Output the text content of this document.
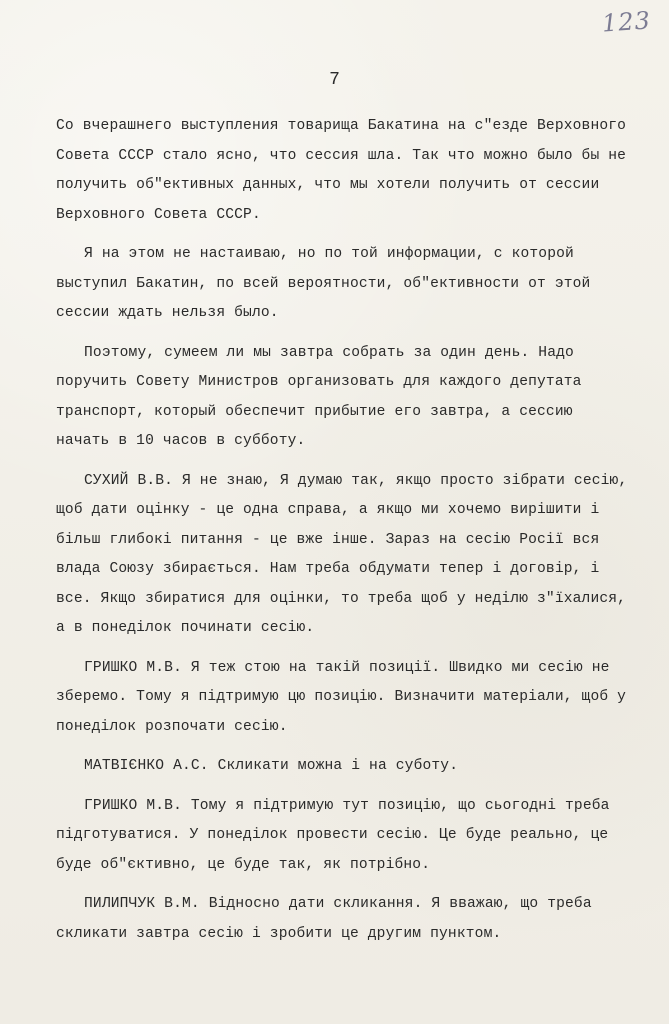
123
7

Со вчерашнего выступления товарища Бакатина на с"езде Верховного Совета СССР стало ясно, что сессия шла. Так что можно было бы не получить об"ективных данных, что мы хотели получить от сессии Верховного Совета СССР.

Я на этом не настаиваю, но по той информации, с которой выступил Бакатин, по всей вероятности, об"ективности от этой сессии ждать нельзя было.

Поэтому, сумеем ли мы завтра собрать за один день. Надо поручить Совету Министров организовать для каждого депутата транспорт, который обеспечит прибытие его завтра, а сессию начать в 10 часов в субботу.

СУХИЙ В.В. Я не знаю, Я думаю так, якщо просто зібрати сесію, щоб дати оцінку - це одна справа, а якщо ми хочемо вирішити і більш глибокі питання - це вже інше. Зараз на сесію Росії вся влада Союзу збирається. Нам треба обдумати тепер і договір, і все. Якщо збиратися для оцінки, то треба щоб у неділю з"їхалися, а в понеділок починати сесію.

ГРИШКО М.В. Я теж стою на такій позиції. Швидко ми сесію не зберемо. Тому я підтримую цю позицію. Визначити матеріали, щоб у понеділок розпочати сесію.

МАТВІЄНКО А.С. Скликати можна і на суботу.

ГРИШКО М.В. Тому я підтримую тут позицію, що сьогодні треба підготуватися. У понеділок провести сесію. Це буде реально, це буде об"єктивно, це буде так, як потрібно.

ПИЛИПЧУК В.М. Відносно дати скликання. Я вважаю, що треба скликати завтра сесію і зробити це другим пунктом.
